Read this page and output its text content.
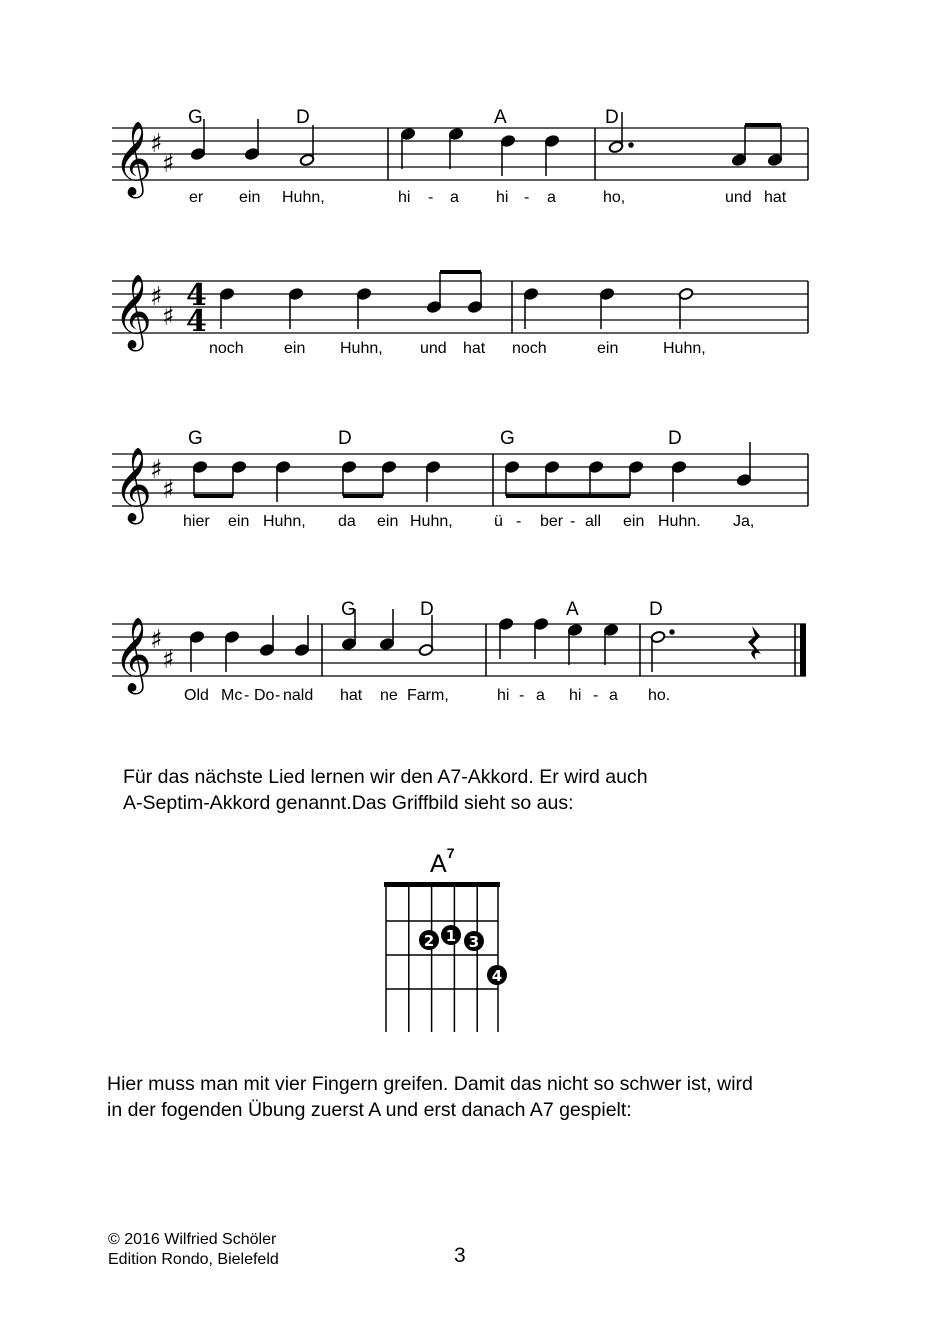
𝄞
♯
♯
G	D	A	D
er ein Huhn,	hi - a hi - a	ho,	und hat
𝄞
♯
♯
4
4
noch	ein Huhn, und hat noch	ein	Huhn,
𝄞
♯
♯
G	D	G	D
hier ein Huhn, da ein Huhn,	ü - ber - all ein Huhn. Ja,
𝄞
♯
♯
G	D	A	D
Old Mc - Do - nald hat ne Farm,	hi - a hi - a ho.
Für das nächste Lied lernen wir den A7-Akkord. Er wird auch
A-Septim-Akkord genannt.Das Griffbild sieht so aus:
$A^7$
2 1 3
4
Hier muss man mit vier Fingern greifen. Damit das nicht so schwer ist, wird
in der fogenden Übung zuerst A und erst danach A7 gespielt:
© 2016 Wilfried Schöler
Edition Rondo, Bielefeld	3
